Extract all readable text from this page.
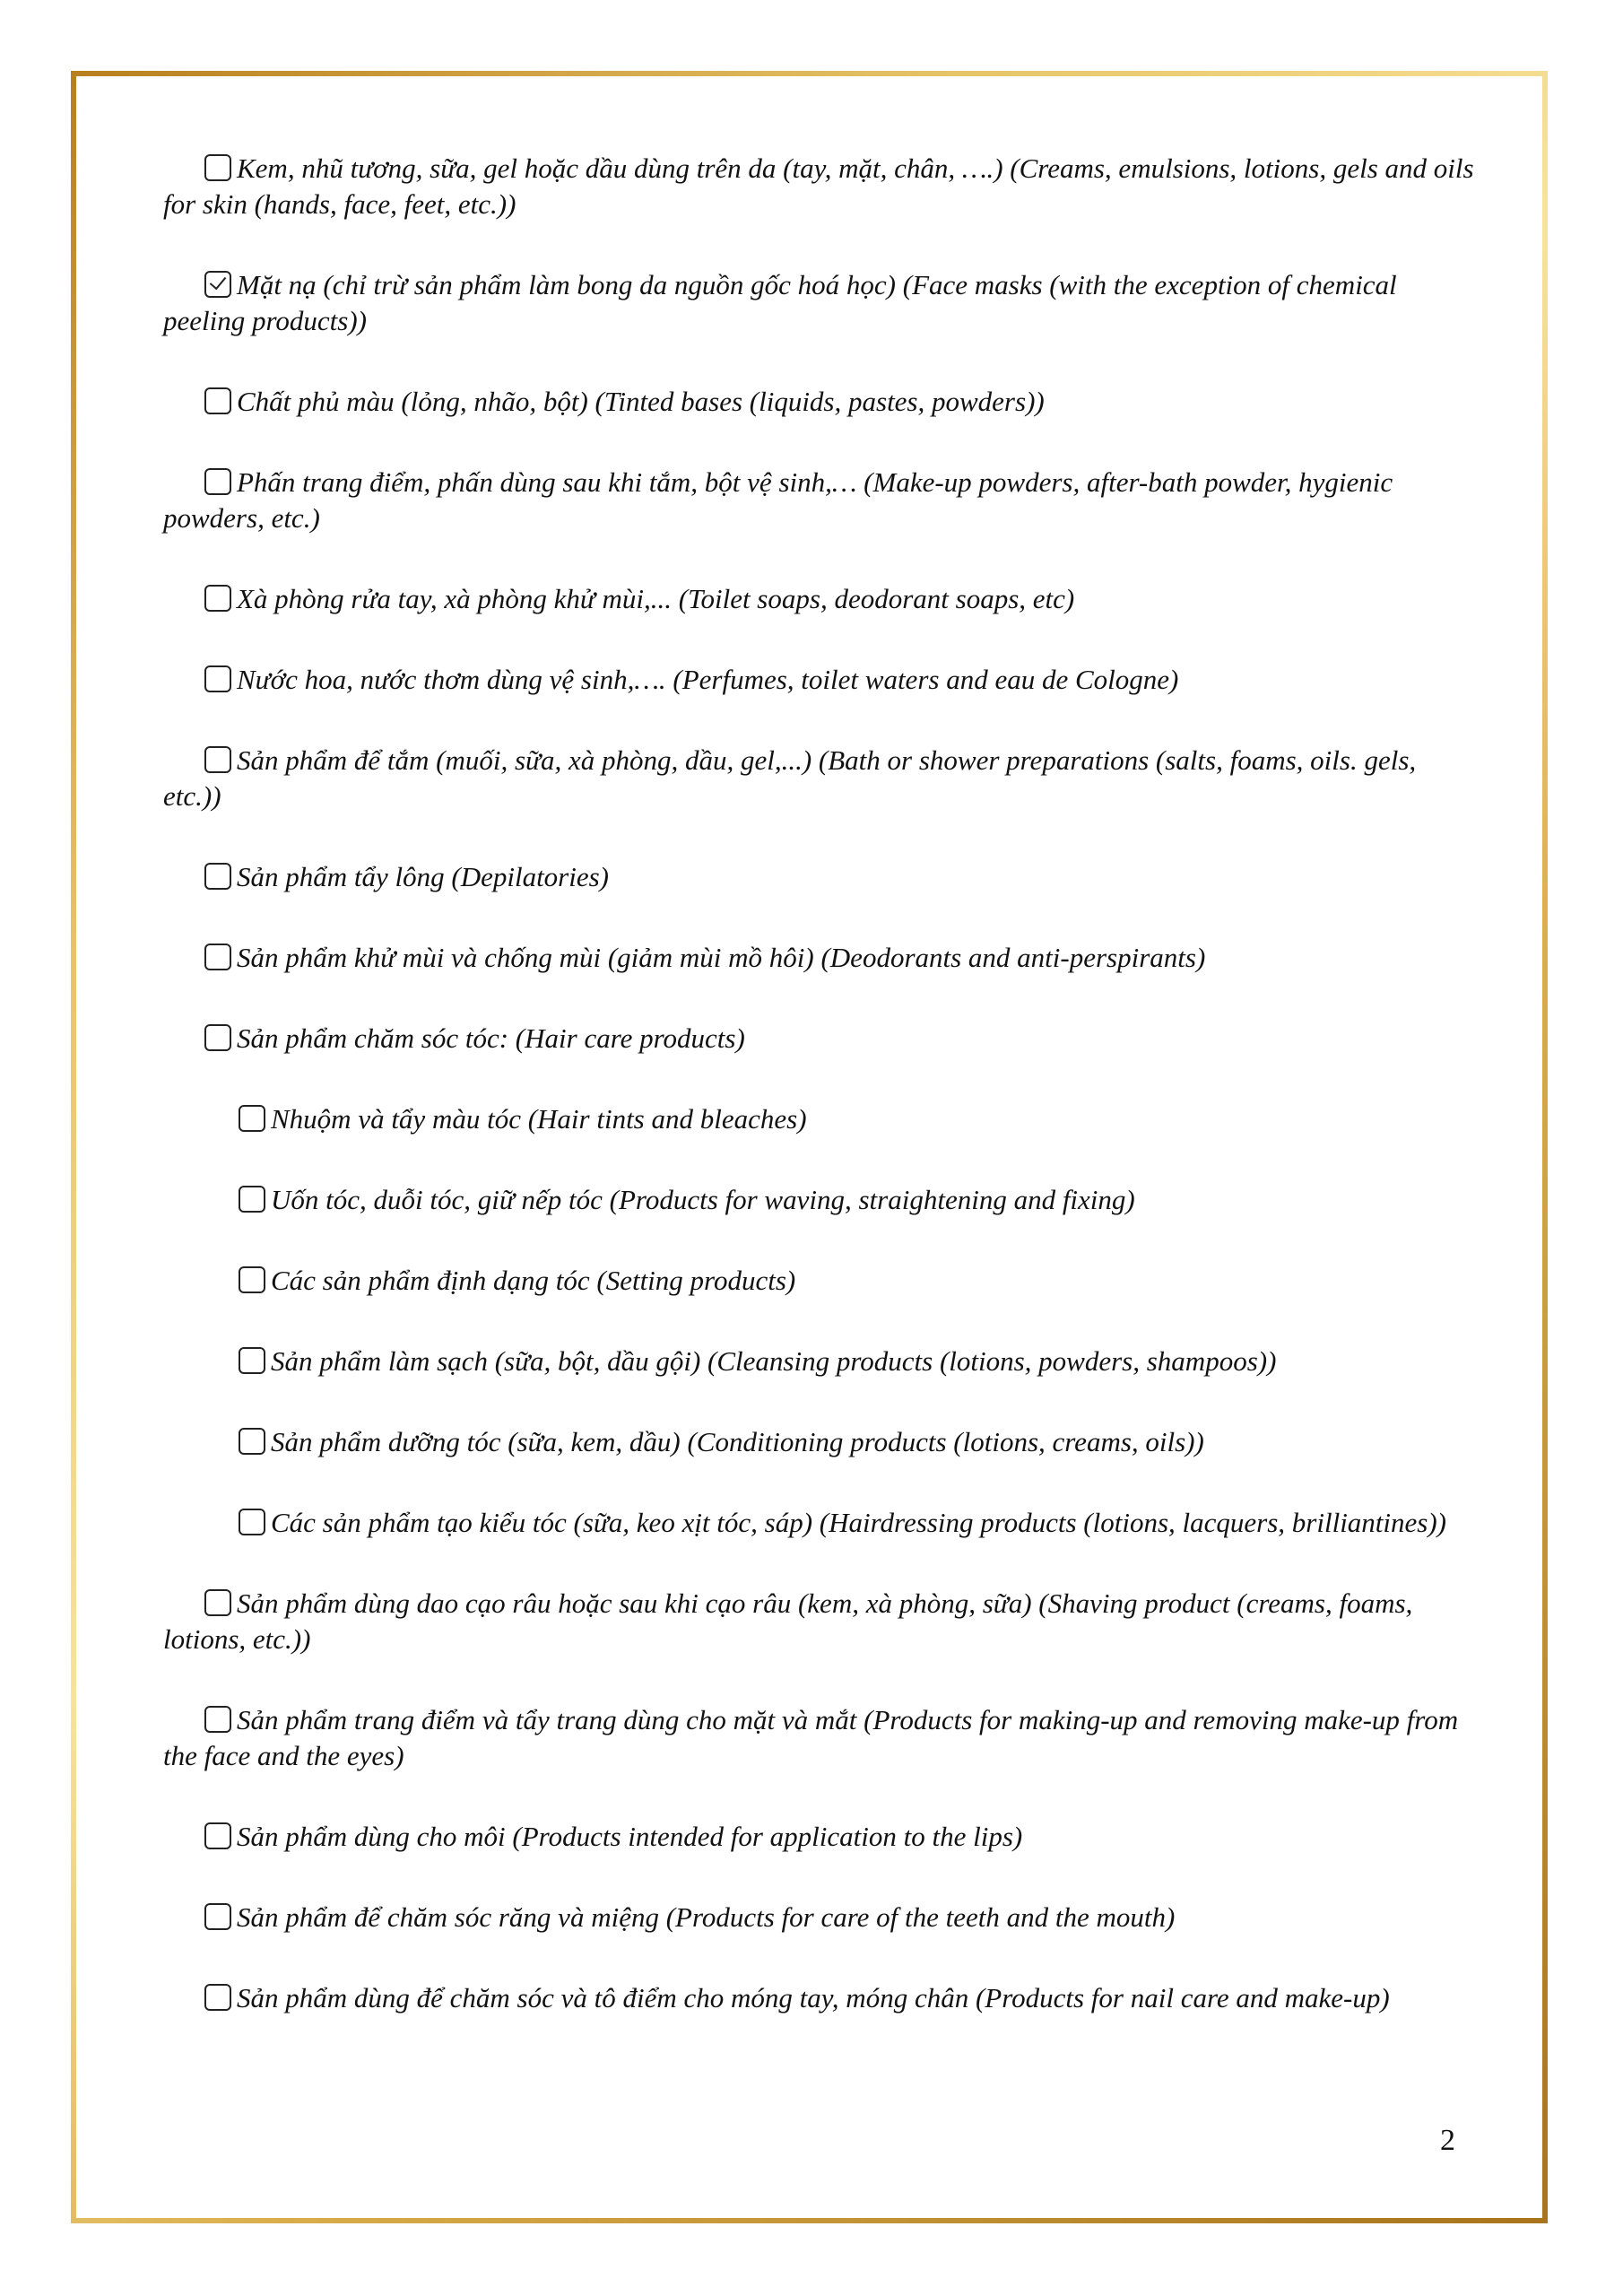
Kem, nhũ tương, sữa, gel hoặc dầu dùng trên da (tay, mặt, chân, ….) (Creams, emulsions, lotions, gels and oils for skin (hands, face, feet, etc.))
Mặt nạ (chỉ trừ sản phẩm làm bong da nguồn gốc hoá học) (Face masks (with the exception of chemical peeling products))
Chất phủ màu (lỏng, nhão, bột) (Tinted bases (liquids, pastes, powders))
Phấn trang điểm, phấn dùng sau khi tắm, bột vệ sinh,… (Make-up powders, after-bath powder, hygienic powders, etc.)
Xà phòng rửa tay, xà phòng khử mùi,... (Toilet soaps, deodorant soaps, etc)
Nước hoa, nước thơm dùng vệ sinh,…. (Perfumes, toilet waters and eau de Cologne)
Sản phẩm để tắm (muối, sữa, xà phòng, dầu, gel,...) (Bath or shower preparations (salts, foams, oils. gels, etc.))
Sản phẩm tẩy lông (Depilatories)
Sản phẩm khử mùi và chống mùi (giảm mùi mồ hôi) (Deodorants and anti-perspirants)
Sản phẩm chăm sóc tóc: (Hair care products)
Nhuộm và tẩy màu tóc (Hair tints and bleaches)
Uốn tóc, duỗi tóc, giữ nếp tóc (Products for waving, straightening and fixing)
Các sản phẩm định dạng tóc (Setting products)
Sản phẩm làm sạch (sữa, bột, dầu gội) (Cleansing products (lotions, powders, shampoos))
Sản phẩm dưỡng tóc (sữa, kem, dầu) (Conditioning products (lotions, creams, oils))
Các sản phẩm tạo kiểu tóc (sữa, keo xịt tóc, sáp) (Hairdressing products (lotions, lacquers, brilliantines))
Sản phẩm dùng dao cạo râu hoặc sau khi cạo râu (kem, xà phòng, sữa) (Shaving product (creams, foams, lotions, etc.))
Sản phẩm trang điểm và tẩy trang dùng cho mặt và mắt (Products for making-up and removing make-up from the face and the eyes)
Sản phẩm dùng cho môi (Products intended for application to the lips)
Sản phẩm để chăm sóc răng và miệng (Products for care of the teeth and the mouth)
Sản phẩm dùng để chăm sóc và tô điểm cho móng tay, móng chân (Products for nail care and make-up)
2
